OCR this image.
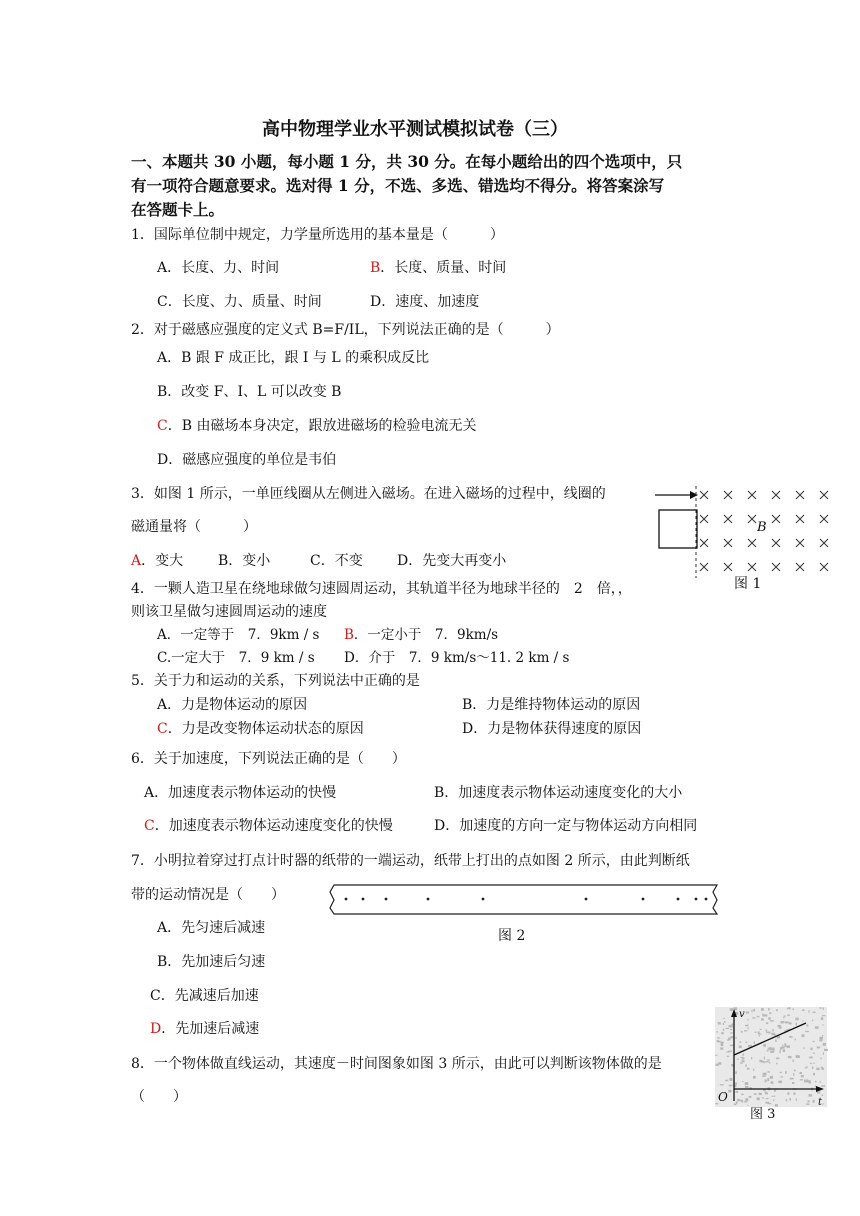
高中物理学业水平测试模拟试卷（三）
一、本题共 30 小题，每小题 1 分，共 30 分。在每小题给出的四个选项中，只
有一项符合题意要求。选对得 1 分，不选、多选、错选均不得分。将答案涂写
在答题卡上。
1．国际单位制中规定，力学量所选用的基本量是（　　　）
A．长度、力、时间	B．长度、质量、时间
C．长度、力、质量、时间	D．速度、加速度
2．对于磁感应强度的定义式 B=F/IL，下列说法正确的是（　　　）
A．B 跟 F 成正比，跟 I 与 L 的乘积成反比
B．改变 F、I、L 可以改变 B
C．B 由磁场本身决定，跟放进磁场的检验电流无关
D．磁感应强度的单位是韦伯
3．如图 1 所示，一单匝线圈从左侧进入磁场。在进入磁场的过程中，线圈的
磁通量将（　　　）
A．变大 B．变小	C．不变 D．先变大再变小
B
图 1
4．一颗人造卫星在绕地球做匀速圆周运动，其轨道半径为地球半径的　2　倍，，
则该卫星做匀速圆周运动的速度
A．一定等于　7．9km / s B．一定小于　7．9km/s
C.一定大于　7．9 km / s D．介于　7．9 km/s～11. 2 km / s
5．关于力和运动的关系，下列说法中正确的是
A．力是物体运动的原因	B．力是维持物体运动的原因
C．力是改变物体运动状态的原因	D．力是物体获得速度的原因
6．关于加速度，下列说法正确的是（　　）
A．加速度表示物体运动的快慢	B．加速度表示物体运动速度变化的大小
C．加速度表示物体运动速度变化的快慢	D．加速度的方向一定与物体运动方向相同
7．小明拉着穿过打点计时器的纸带的一端运动，纸带上打出的点如图 2 所示，由此判断纸
带的运动情况是（　　）
A．先匀速后减速
B．先加速后匀速
C．先减速后加速
D．先加速后减速
图 2
8．一个物体做直线运动，其速度－时间图象如图 3 所示，由此可以判断该物体做的是
（　　）
v
t
O
图 3
